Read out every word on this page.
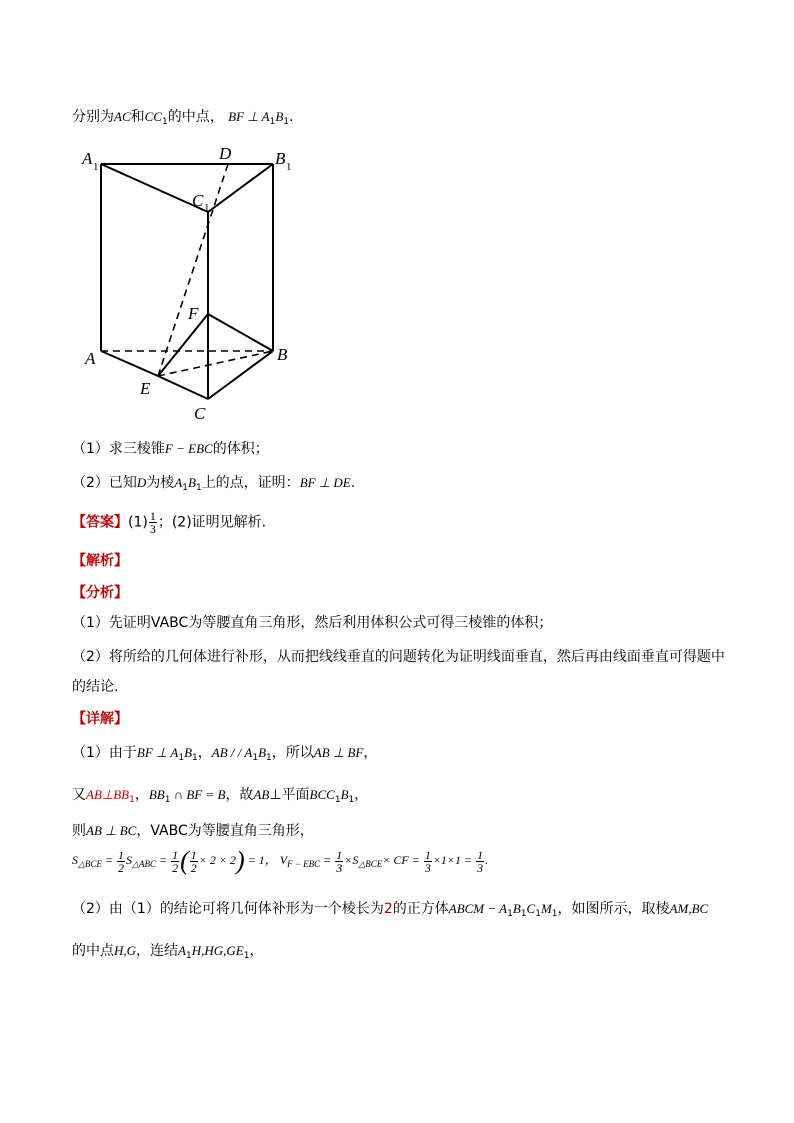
分别为AC和$CC_1$的中点， BF ⊥ $A_1B_1$.
A 1
D	B 1
C 1
F
A	B
E
C
（1）求三棱锥F − EBC的体积；
（2）已知D为棱$A_1B_1$上的点，证明：BF ⊥ DE.
【答案】$(1) \frac{1}{3}$ ；(2)证明见解析.
【解析】
【分析】
（1）先证明VABC为等腰直角三角形，然后利用体积公式可得三棱锥的体积；
（2）将所给的几何体进行补形，从而把线线垂直的问题转化为证明线面垂直，然后再由线面垂直可得题中
的结论.
【详解】
（1）由于BF ⊥ $A_1B_1$，AB / / $A_1B_1$，所以AB ⊥ BF，
又$AB\perp BB_1$，$BB_1$ ∩ BF = B，故AB⊥平面$BCC_1B_1$，
则AB ⊥ BC，VABC为等腰直角三角形，
$S_{\triangle BCE} = \frac{1}{2} S_{\triangle ABC} = \frac{1}{2}$ ( $\frac{1}{2} \times 2 \times 2) = 1$， $V_{F - EBC} = \frac{1}{3} \times S_{\triangle BCE}\times$ CF = $\frac{1}{3} \times 1\times 1 = \frac{1}{3}$ .
（2）由（1）的结论可将几何体补形为一个棱长为2的正方体ABCM − $A_1B_1C_1M_1$，如图所示，取棱AM,BC
的中点H,G，连结$A_1H,HG,GE_1$，
